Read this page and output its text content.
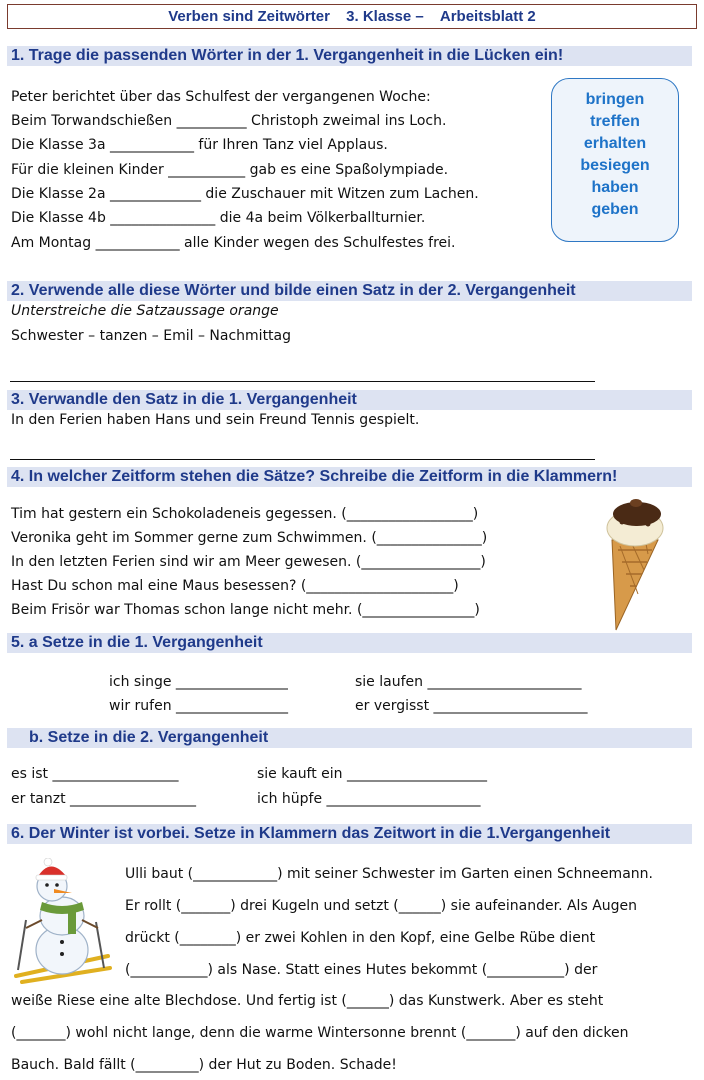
Verben sind Zeitwörter 3. Klasse – Arbeitsblatt 2
1. Trage die passenden Wörter in der 1. Vergangenheit in die Lücken ein!
Peter berichtet über das Schulfest der vergangenen Woche:
Beim Torwandschießen __________ Christoph zweimal ins Loch.
Die Klasse 3a ____________ für Ihren Tanz viel Applaus.
Für die kleinen Kinder ___________ gab es eine Spaßolympiade.
Die Klasse 2a _____________ die Zuschauer mit Witzen zum Lachen.
Die Klasse 4b _______________ die 4a beim Völkerballturnier.
Am Montag ____________ alle Kinder wegen des Schulfestes frei.
bringen
treffen
erhalten
besiegen
haben
geben
2. Verwende alle diese Wörter und bilde einen Satz in der 2. Vergangenheit
Unterstreiche die Satzaussage orange
Schwester – tanzen – Emil – Nachmittag
3. Verwandle den Satz in die 1. Vergangenheit
In den Ferien haben Hans und sein Freund Tennis gespielt.
4. In welcher Zeitform stehen die Sätze? Schreibe die Zeitform in die Klammern!
Tim hat gestern ein Schokoladeneis gegessen. (__________________)
Veronika geht im Sommer gerne zum Schwimmen. (_______________)
In den letzten Ferien sind wir am Meer gewesen. (_________________)
Hast Du schon mal eine Maus besessen? (_____________________)
Beim Frisör war Thomas schon lange nicht mehr. (________________)
5. a Setze in die 1. Vergangenheit
ich singe ________________	sie laufen ______________________
wir rufen ________________	er vergisst ______________________
b. Setze in die 2. Vergangenheit
es ist __________________	sie kauft ein ____________________
er tanzt __________________	ich hüpfe ______________________
6. Der Winter ist vorbei. Setze in Klammern das Zeitwort in die 1.Vergangenheit
Ulli baut (____________) mit seiner Schwester im Garten einen Schneemann.
Er rollt (_______) drei Kugeln und setzt (______) sie aufeinander. Als Augen
drückt (________) er zwei Kohlen in den Kopf, eine Gelbe Rübe dient
(___________) als Nase. Statt eines Hutes bekommt (___________) der
weiße Riese eine alte Blechdose. Und fertig ist (______) das Kunstwerk. Aber es steht
(_______) wohl nicht lange, denn die warme Wintersonne brennt (_______) auf den dicken
Bauch. Bald fällt (_________) der Hut zu Boden. Schade!
